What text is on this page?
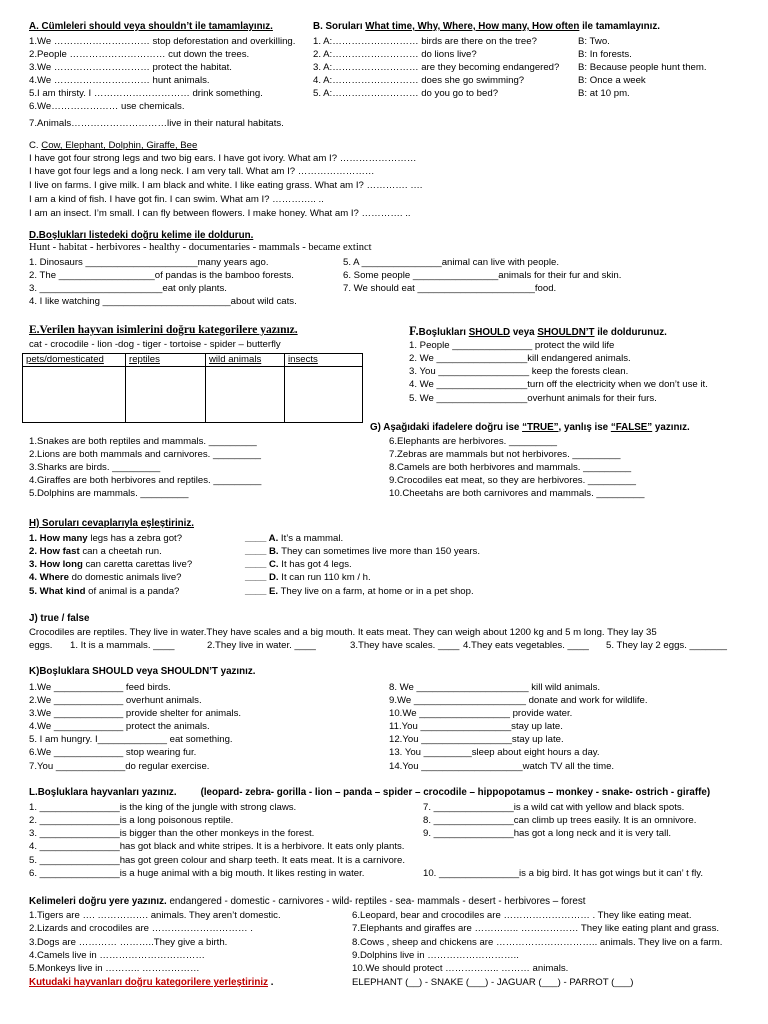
A. Cümleleri should veya shouldn’t ile tamamlayınız.
1.We ………………………… stop deforestation and overkilling.
2.People ………………………… cut down the trees.
3.We ………………………… protect the habitat.
4.We ………………………… hunt animals.
5.I am thirsty. I ………………………… drink something.
6.We………………… use chemicals.
7.Animals…………………………live in their natural habitats.
B. Soruları What time, Why, Where, How many, How often ile tamamlayınız.
1. A:……………………… birds are there on the tree?	B: Two.
2. A:……………………… do lions live?	B: In forests.
3. A:……………………… are they becoming endangered? B: Because people hunt them.
4. A:……………………… does she go swimming?	B: Once a week
5. A:……………………… do you go to bed?	B: at 10 pm.
C. Cow, Elephant, Dolphin, Giraffe, Bee
I have got four strong legs and two big ears. I have got ivory. What am I? ……………………
I have got four legs and a long neck. I am very tall. What am I? ……………………
I live on farms. I give milk. I am black and white. I like eating grass. What am I? …………. ….
I am a kind of fish. I have got fin. I can swim. What am I? ………….. ..
I am an insect. I’m small. I can fly between flowers. I make honey. What am I? …………. ..
D.Boşlukları listedeki doğru kelime ile doldurun.
Hunt - habitat - herbivores - healthy - documentaries - mammals - became extinct
1. Dinosaurs _____________________many years ago.
2. The __________________of pandas is the bamboo forests.
3. _______________________eat only plants.
4. I like watching ________________________about wild cats.
5. A _______________animal can live with people.
6. Some people ________________animals for their fur and skin.
7. We should eat ______________________food.
E.Verilen hayvan isimlerini doğru kategorilere yazınız.
cat - crocodile - lion -dog - tiger - tortoise - spider – butterfly
pets/domesticated	reptiles	wild animals	insects

F.Boşlukları SHOULD veya SHOULDN’T ile doldurunuz.
1. People _______________ protect the wild life
2. We _________________kill endangered animals.
3. You _________________ keep the forests clean.
4. We _________________turn off the electricity when we don’t use it.
5. We _________________overhunt animals for their furs.
G) Aşağıdaki ifadelere doğru ise “TRUE”, yanlış ise “FALSE” yazınız.
1.Snakes are both reptiles and mammals. _________
2.Lions are both mammals and carnivores. _________
3.Sharks are birds. _________
4.Giraffes are both herbivores and reptiles. _________
5.Dolphins are mammals. _________
6.Elephants are herbivores. _________
7.Zebras are mammals but not herbivores. _________
8.Camels are both herbivores and mammals. _________
9.Crocodiles eat meat, so they are herbivores. _________
10.Cheetahs are both carnivores and mammals. _________
H) Soruları cevaplarıyla eşleştiriniz.
1. How many legs has a zebra got?
2. How fast can a cheetah run.
3. How long can caretta carettas live?
4. Where do domestic animals live?
5. What kind of animal is a panda?
____ A. It’s a mammal.
____ B. They can sometimes live more than 150 years.
____ C. It has got 4 legs.
____ D. It can run 110 km / h.
____ E. They live on a farm, at home or in a pet shop.
J) true / false
Crocodiles are reptiles. They live in water.They have scales and a big mouth. It eats meat. They can weigh about 1200 kg and 5 m long. They lay 35
eggs. 1. It is a mammals. ____	2.They live in water. ____	3.They have scales. ____ 4.They eats vegetables. ____ 5. They lay 2 eggs. _______
K)Boşluklara SHOULD veya SHOULDN’T yazınız.
1.We _____________ feed birds.
2.We _____________ overhunt animals.
3.We _____________ provide shelter for animals.
4.We _____________ protect the animals.
5. I am hungry. I_____________ eat something.
6.We _____________ stop wearing fur.
7.You _____________do regular exercise.
8. We _____________________ kill wild animals.
9.We _____________________ donate and work for wildlife.
10.We _________________ provide water.
11.You _________________stay up late.
12.You _________________stay up late.
13. You _________sleep about eight hours a day.
14.You ___________________watch TV all the time.
L.Boşluklara hayvanları yazınız. (leopard- zebra- gorilla - lion – panda – spider – crocodile – hippopotamus – monkey - snake- ostrich - giraffe)
1. _______________is the king of the jungle with strong claws.
2. _______________is a long poisonous reptile.
3. _______________is bigger than the other monkeys in the forest.
4. _______________has got black and white stripes. It is a herbivore. It eats only plants.
5. _______________has got green colour and sharp teeth. It eats meat. It is a carnivore.
6. _______________is a huge animal with a big mouth. It likes resting in water.
7. _______________is a wild cat with yellow and black spots.
8. _______________can climb up trees easily. It is an omnivore.
9. _______________has got a long neck and it is very tall.
10. _______________is a big bird. It has got wings but it can’ t fly.
Kelimeleri doğru yere yazınız. endangered - domestic - carnivores - wild- reptiles - sea- mammals - desert - herbivores – forest
1.Tigers are …. ……………. animals. They aren’t domestic.
2.Lizards and crocodiles are ………………………… .
3.Dogs are ………… ………..They give a birth.
4.Camels live in ……………………………
5.Monkeys live in ……….. ………………
6.Leopard, bear and crocodiles are ……………………… . They like eating meat.
7.Elephants and giraffes are ………….. ……………… They like eating plant and grass.
8.Cows , sheep and chickens are ………………………….. animals. They live on a farm.
9.Dolphins live in ………………………..
10.We should protect …………….. ……… animals.
Kutudaki hayvanları doğru kategorilere yerleştiriniz .	ELEPHANT (__) - SNAKE (___) - JAGUAR (___) - PARROT (___)
